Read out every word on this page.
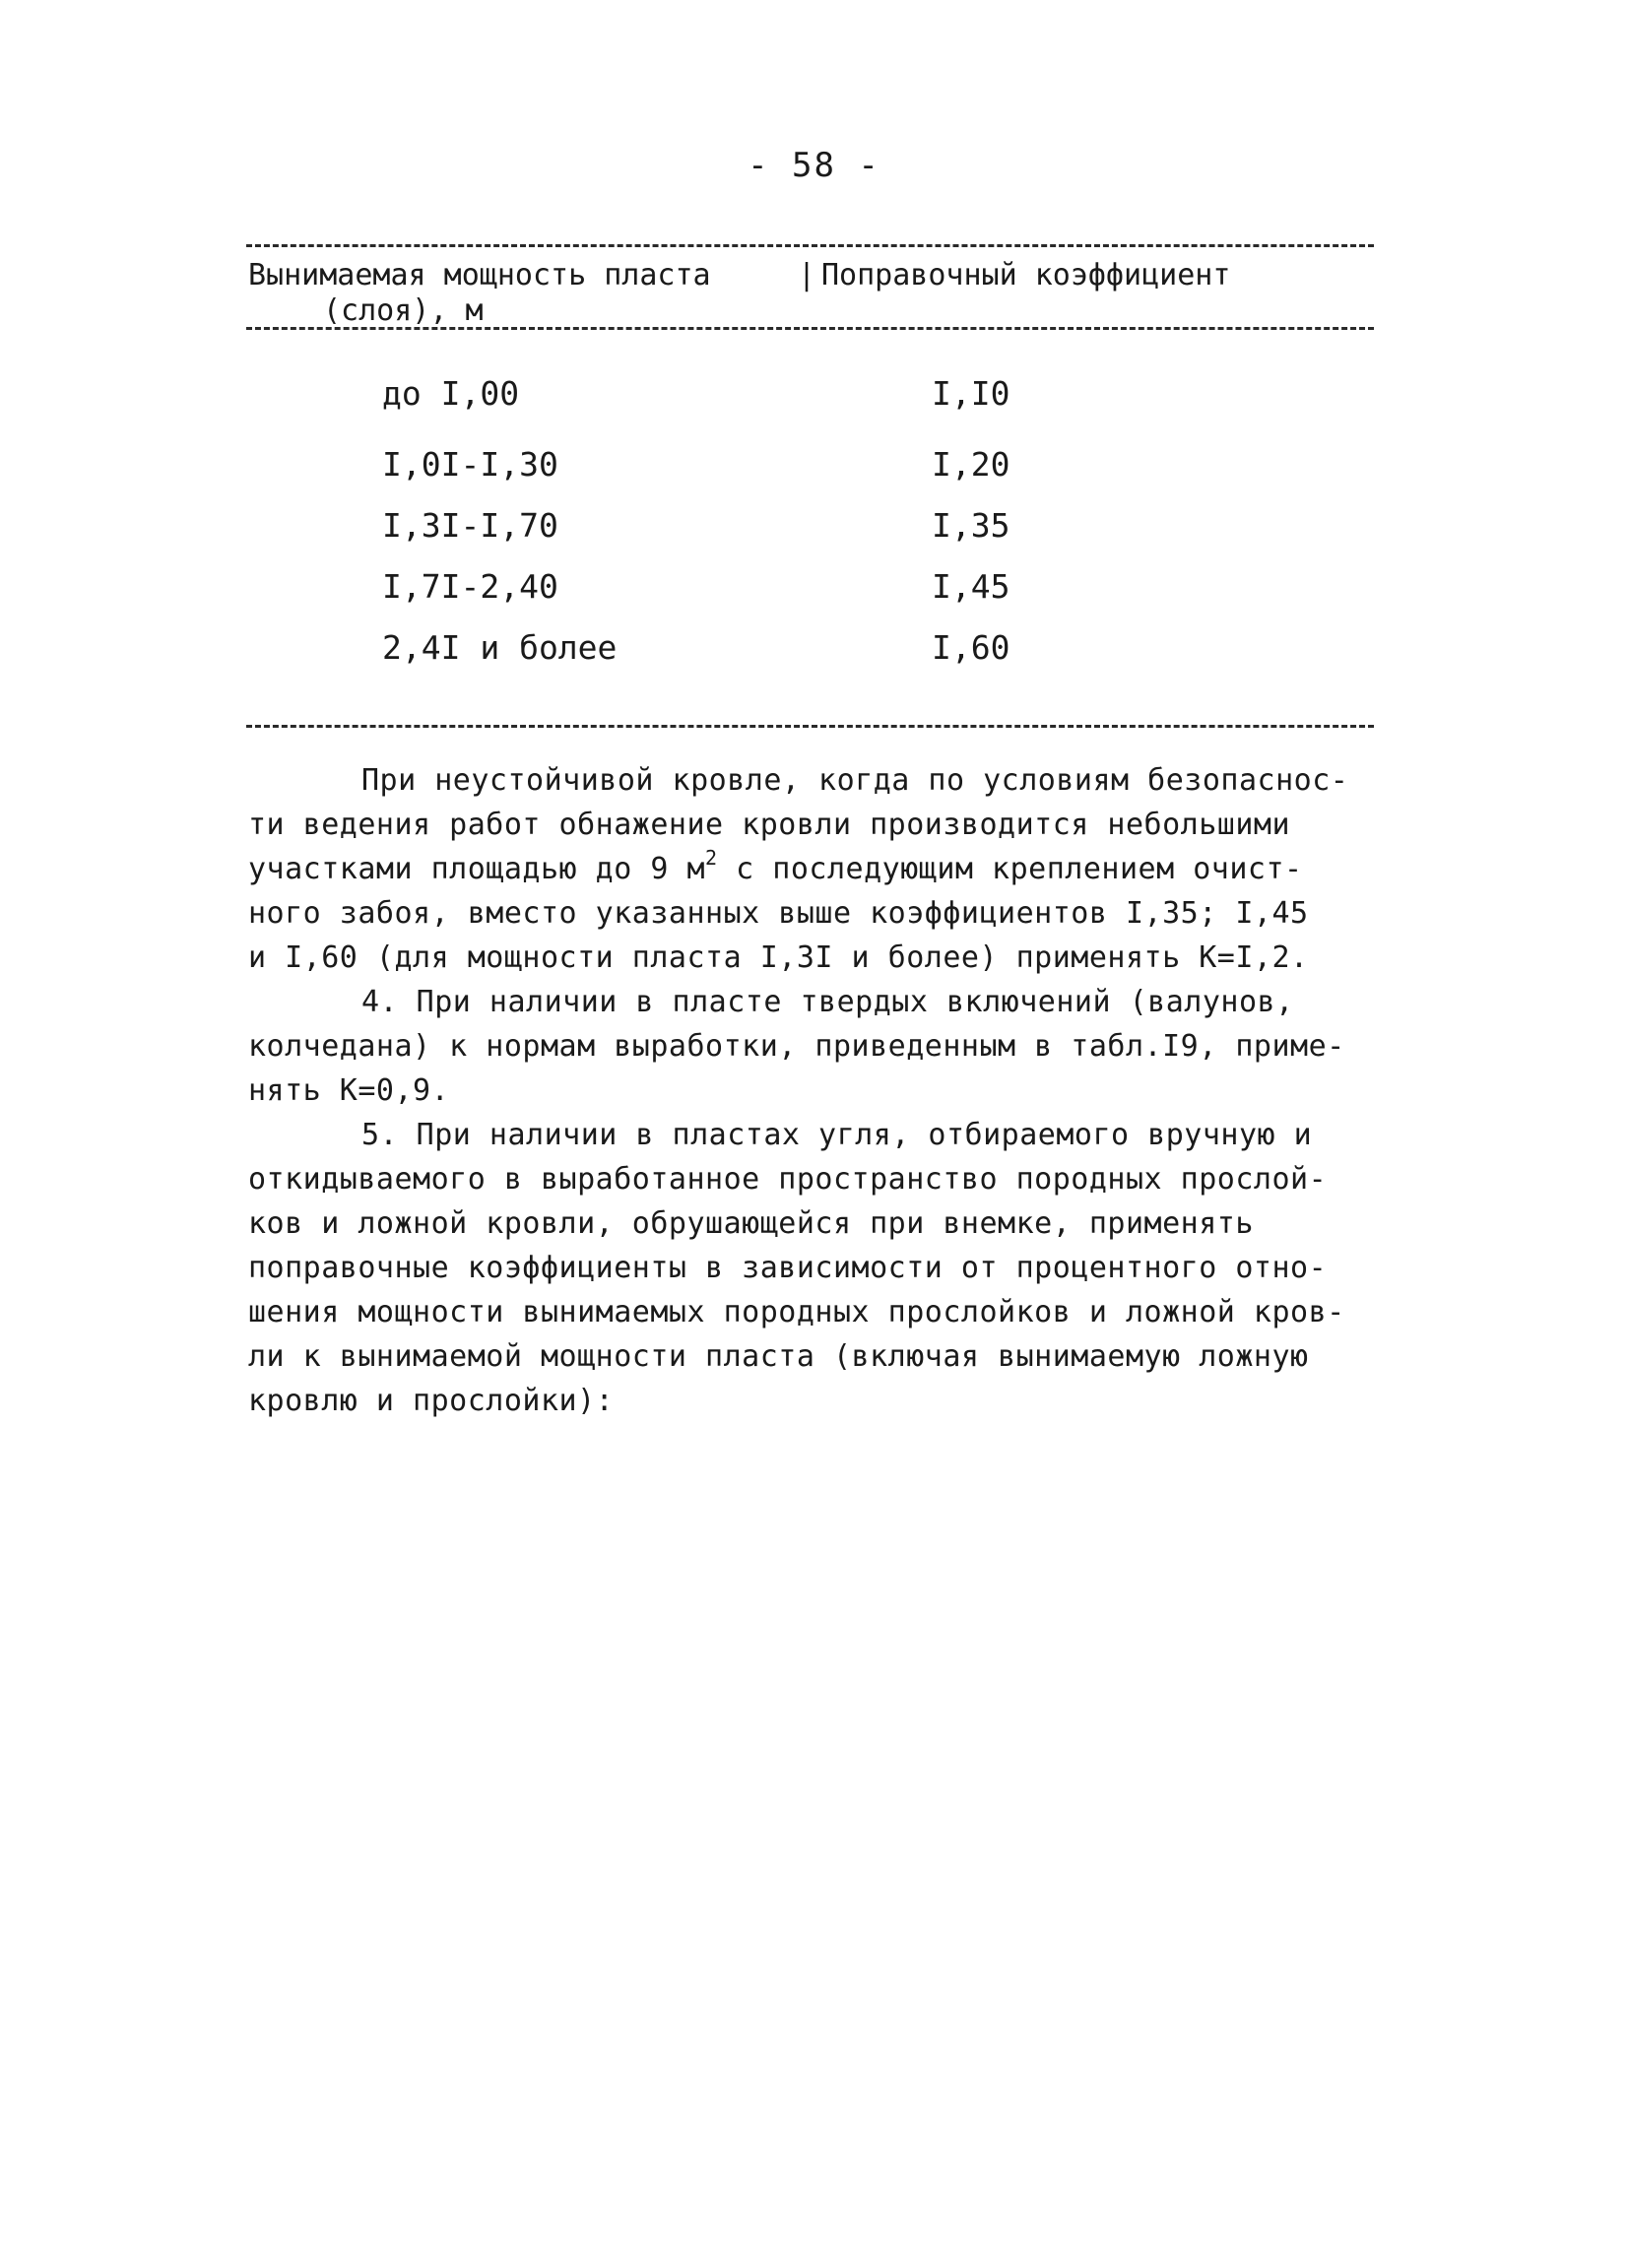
- 58 -
Вынимаемая мощность пласта
(слоя), м
| Поправочный коэффициент
до I,00	I,I0
I,0I-I,30	I,20
I,3I-I,70	I,35
I,7I-2,40	I,45
2,4I и более	I,60
При неустойчивой кровле, когда по условиям безопаснос-
ти ведения работ обнажение кровли производится небольшими
участками площадью до 9 $м^2$ с последующим креплением очист-
ного забоя, вместо указанных выше коэффициентов I,35; I,45
и I,60 (для мощности пласта I,3I и более) применять К=I,2.
4. При наличии в пласте твердых включений (валунов,
колчедана) к нормам выработки, приведенным в табл.I9, приме-
нять К=0,9.
5. При наличии в пластах угля, отбираемого вручную и
откидываемого в выработанное пространство породных прослой-
ков и ложной кровли, обрушающейся при внемке, применять
поправочные коэффициенты в зависимости от процентного отно-
шения мощности вынимаемых породных прослойков и ложной кров-
ли к вынимаемой мощности пласта (включая вынимаемую ложную
кровлю и прослойки):
